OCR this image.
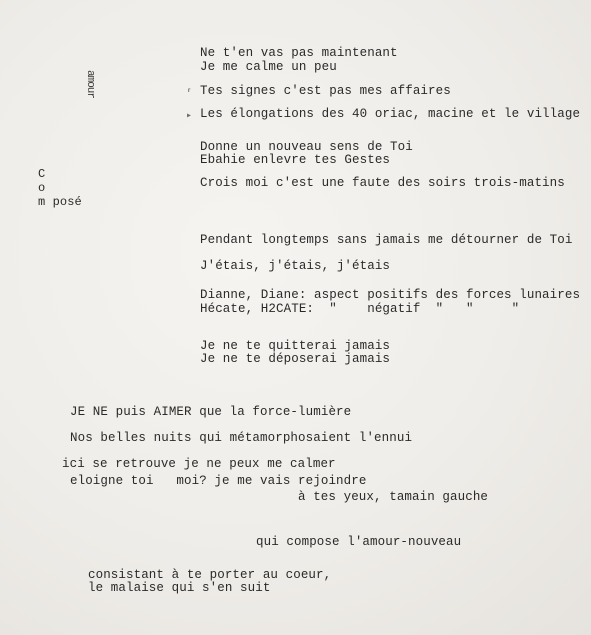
amour
C
o
m posé
⸢
▸
Ne t'en vas pas maintenant
Je me calme un peu
Tes signes c'est pas mes affaires
Les élongations des 40 oriac, macine et le village
Donne un nouveau sens de Toi
Ebahie enlevre tes Gestes
Crois moi c'est une faute des soirs trois-matins
Pendant longtemps sans jamais me détourner de Toi
J'étais, j'étais, j'étais
Dianne, Diane: aspect positifs des forces lunaires
Hécate, H2CATE:  "    négatif  "   "     "
Je ne te quitterai jamais
Je ne te déposerai jamais
JE NE puis AIMER que la force-lumière
Nos belles nuits qui métamorphosaient l'ennui
ici se retrouve je ne peux me calmer
eloigne toi   moi? je me vais rejoindre
à tes yeux, tamain gauche
qui compose l'amour-nouveau
consistant à te porter au coeur,
le malaise qui s'en suit
